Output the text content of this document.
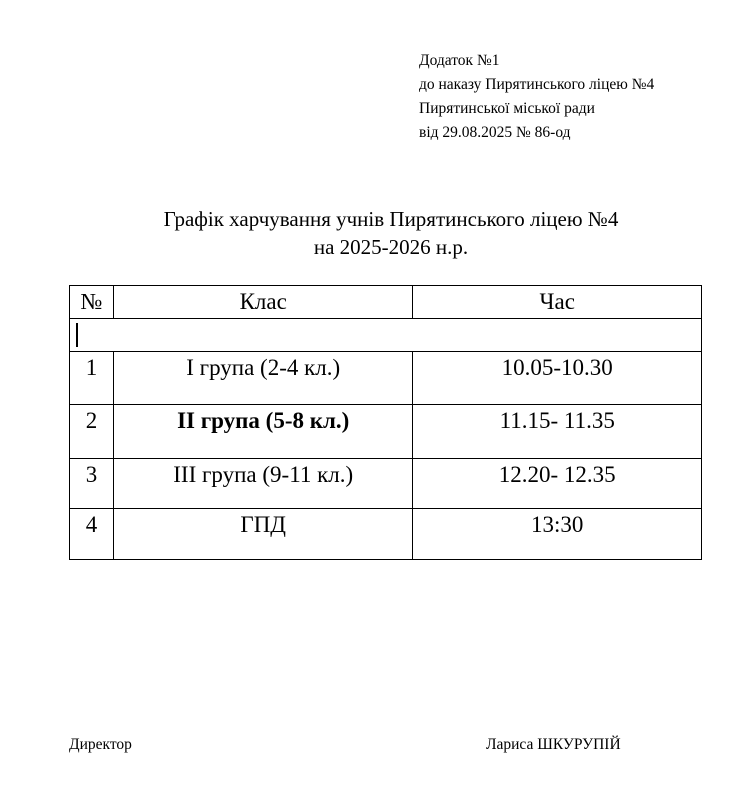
Додаток №1
до наказу Пирятинського ліцею №4
Пирятинської міської ради
від 29.08.2025 № 86-од
Графік харчування учнів Пирятинського ліцею №4
на 2025-2026 н.р.
№	Клас	Час

1	І група (2-4 кл.)	10.05-10.30
2	ІІ група (5-8 кл.)	11.15- 11.35
3	ІІІ група (9-11 кл.)	12.20- 12.35
4	ГПД	13:30
Директор	Лариса ШКУРУПІЙ
